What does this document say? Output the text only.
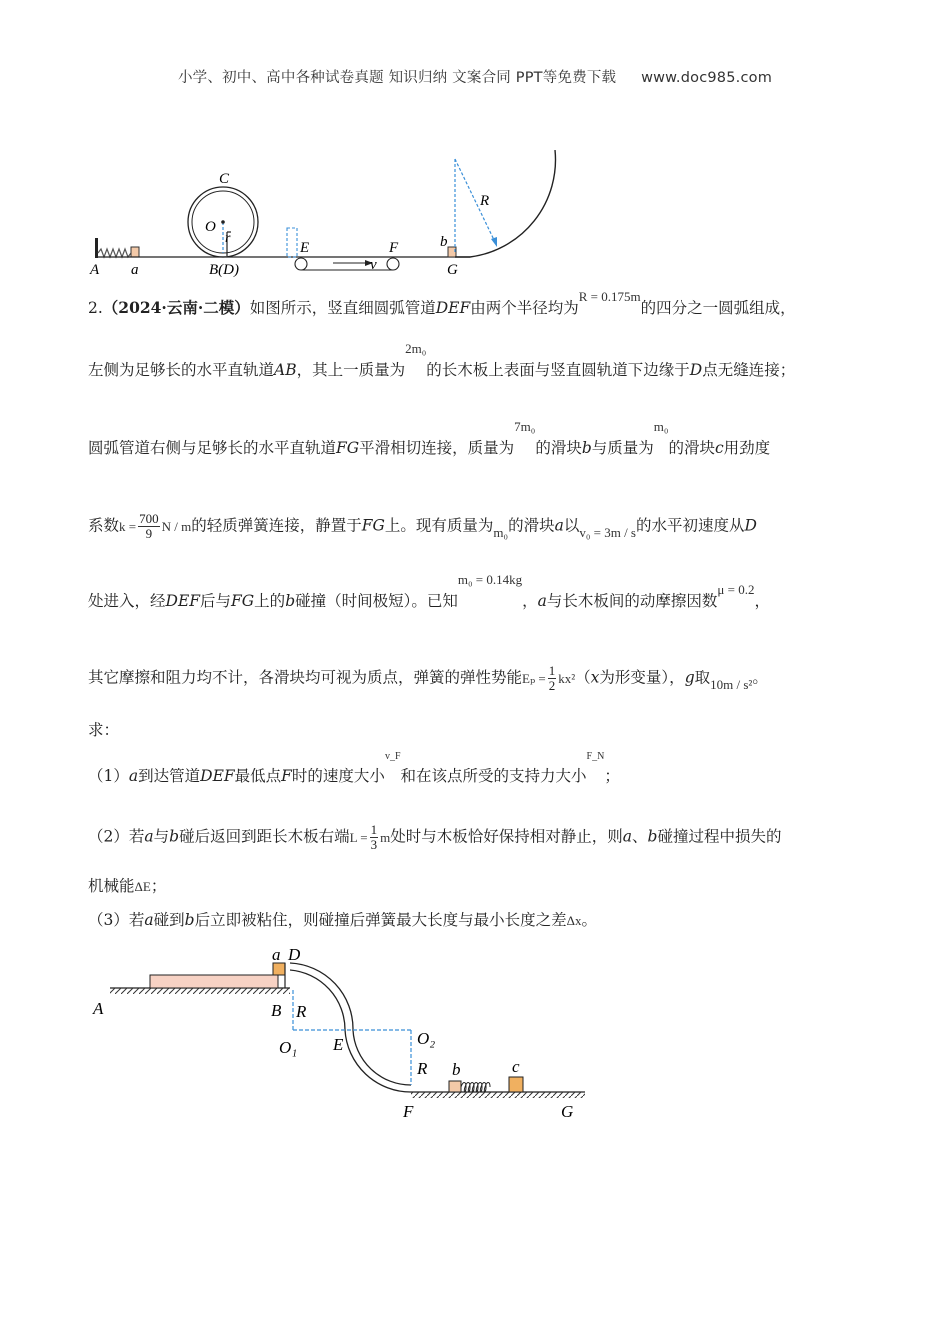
小学、初中、高中各种试卷真题 知识归纳 文案合同 PPT等免费下载 www.doc985.com
A a	B(D)
C
O
r
E	F
v
b
G
R
2.（2024·云南·二模）如图所示，竖直细圆弧管道DEF由两个半径均为$^{R = 0.175m}$的四分之一圆弧组成，
左侧为足够长的水平直轨道AB，其上一质量为$^{2m_0}$的长木板上表面与竖直圆轨道下边缘于D点无缝连接；
圆弧管道右侧与足够长的水平直轨道FG平滑相切连接，质量为$^{7m_0}$的滑块b与质量为$^{m_0}$的滑块c用劲度
系数$k = \frac{700}{9}$ N / m的轻质弹簧连接，静置于FG上。现有质量为$_{m_0}$的滑块a以$_{v_0 = 3m / s}$的水平初速度从D
处进入，经DEF后与FG上的b碰撞（时间极短）。已知$^{m_0 = 0.14kg}$，a与长木板间的动摩擦因数$^{\mu = 0.2}$，
其它摩擦和阻力均不计，各滑块均可视为质点，弹簧的弹性势能$E_p = \frac{1}{2} kx^2(x$为形变量），g取$_{10m / s^2}$。
求：
（1）a到达管道DEF最低点F时的速度大小$^{v\_F}$和在该点所受的支持力大小$^{F\_N}$；
（2）若a与b碰后返回到距长木板右端$L = \frac{1}{3}$ m处时与木板恰好保持相对静止，则a、b碰撞过程中损失的
机械能ΔE；
（3）若a碰到b后立即被粘住，则碰撞后弹簧最大长度与最小长度之差Δx。
a D
A	B R
O₁ E	O₂
R b	c
F	G
